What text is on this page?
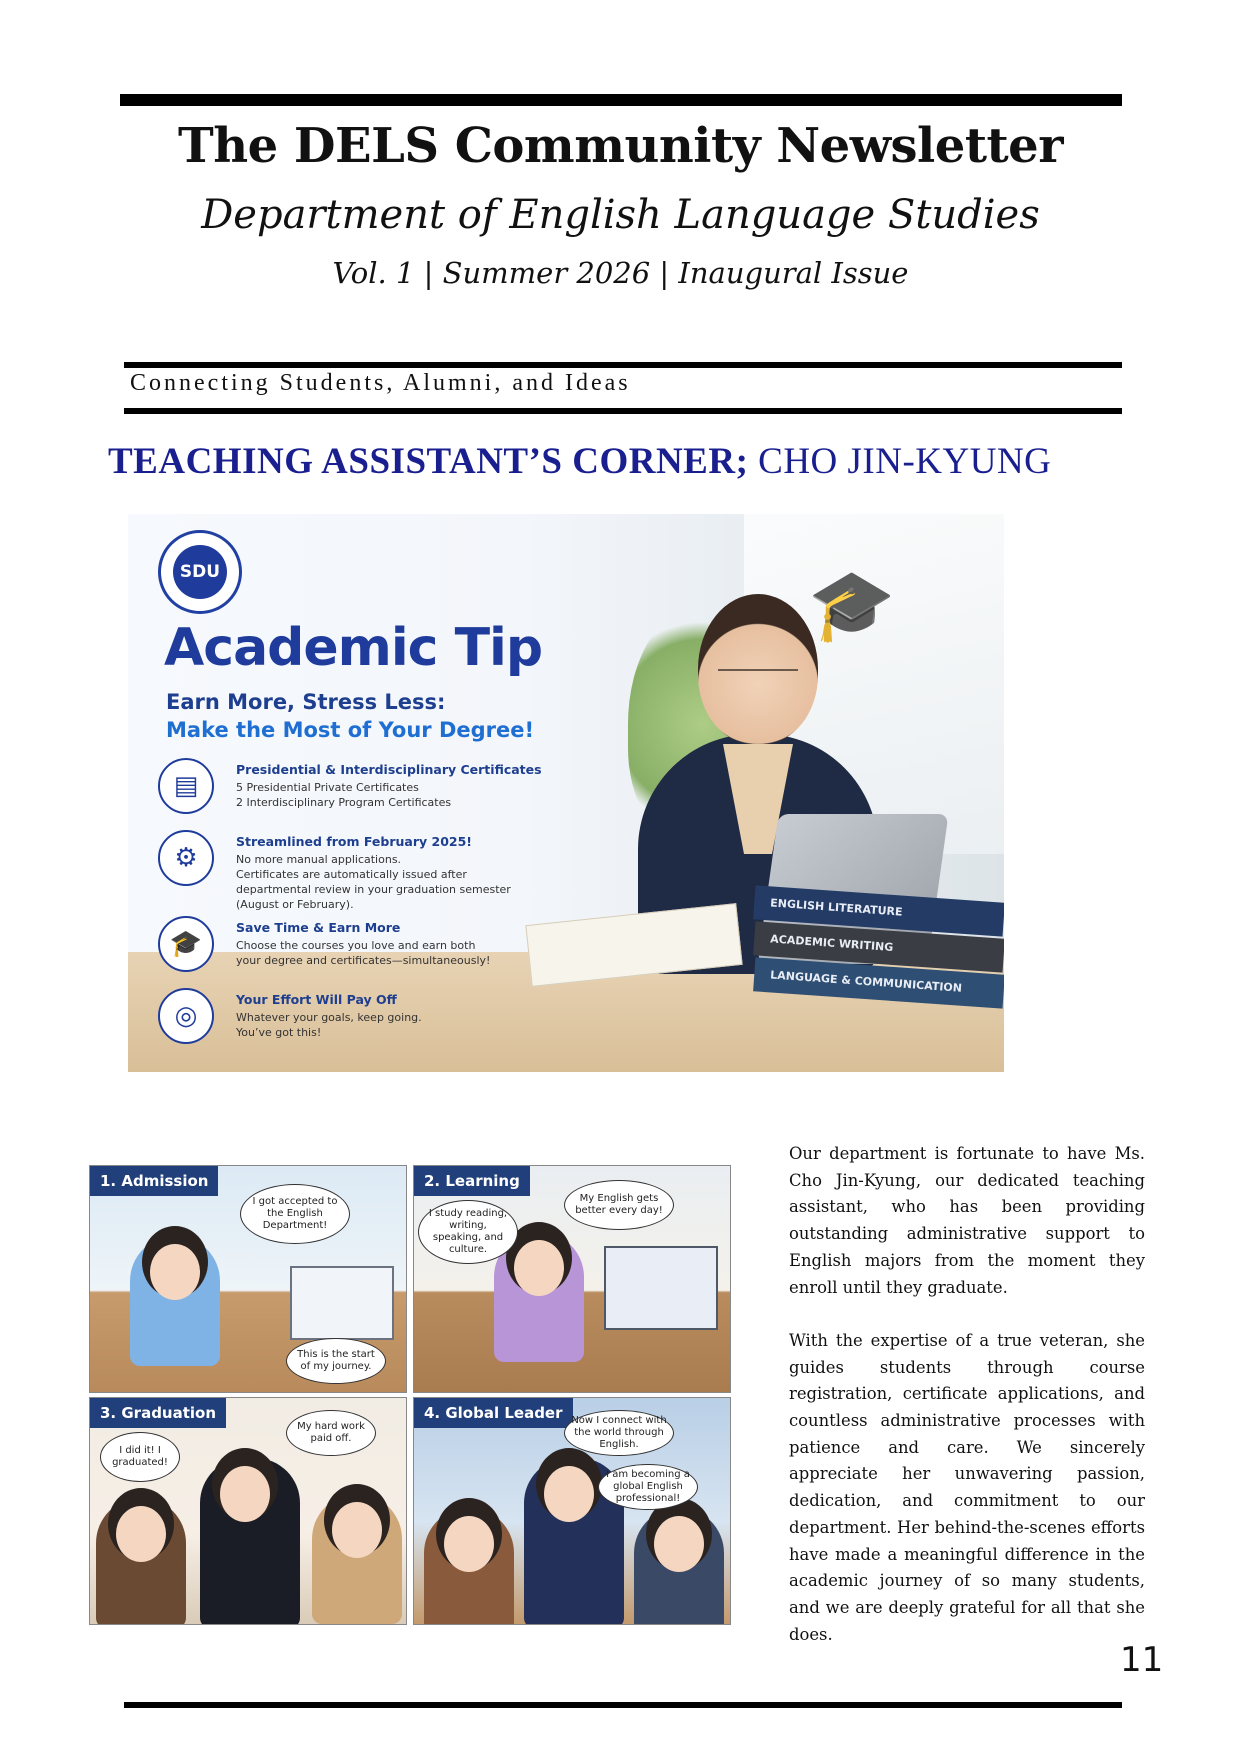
The DELS Community Newsletter
Department of English Language Studies
Vol. 1 | Summer 2026 | Inaugural Issue
Connecting Students, Alumni, and Ideas
TEACHING ASSISTANT’S CORNER; CHO JIN-KYUNG
🎓
ENGLISH LITERATURE
ACADEMIC WRITING
LANGUAGE & COMMUNICATION
SDU
Academic Tip
Earn More, Stress Less:
Make the Most of Your Degree!
▤
Presidential & Interdisciplinary Certificates
5 Presidential Private Certificates
2 Interdisciplinary Program Certificates
⚙
Streamlined from February 2025!
No more manual applications.
Certificates are automatically issued after
departmental review in your graduation semester
(August or February).
🎓
Save Time & Earn More
Choose the courses you love and earn both
your degree and certificates—simultaneously!
◎
Your Effort Will Pay Off
Whatever your goals, keep going.
You’ve got this!
1. Admission
I got accepted to the English Department!
This is the start of my journey.
2. Learning
I study reading, writing, speaking, and culture.
My English gets better every day!
3. Graduation
I did it! I graduated!
My hard work paid off.
4. Global Leader Now I connect with the world through English.
I am becoming a global English professional!

Our department is fortunate to have Ms. Cho Jin-Kyung, our dedicated teaching assistant, who has been providing outstanding administrative support to English majors from the moment they enroll until they graduate.

With the expertise of a true veteran, she guides students through course registration, certificate applications, and countless administrative processes with patience and care. We sincerely appreciate her unwavering passion, dedication, and commitment to our department. Her behind-the-scenes efforts have made a meaningful difference in the academic journey of so many students, and we are deeply grateful for all that she does.

11
